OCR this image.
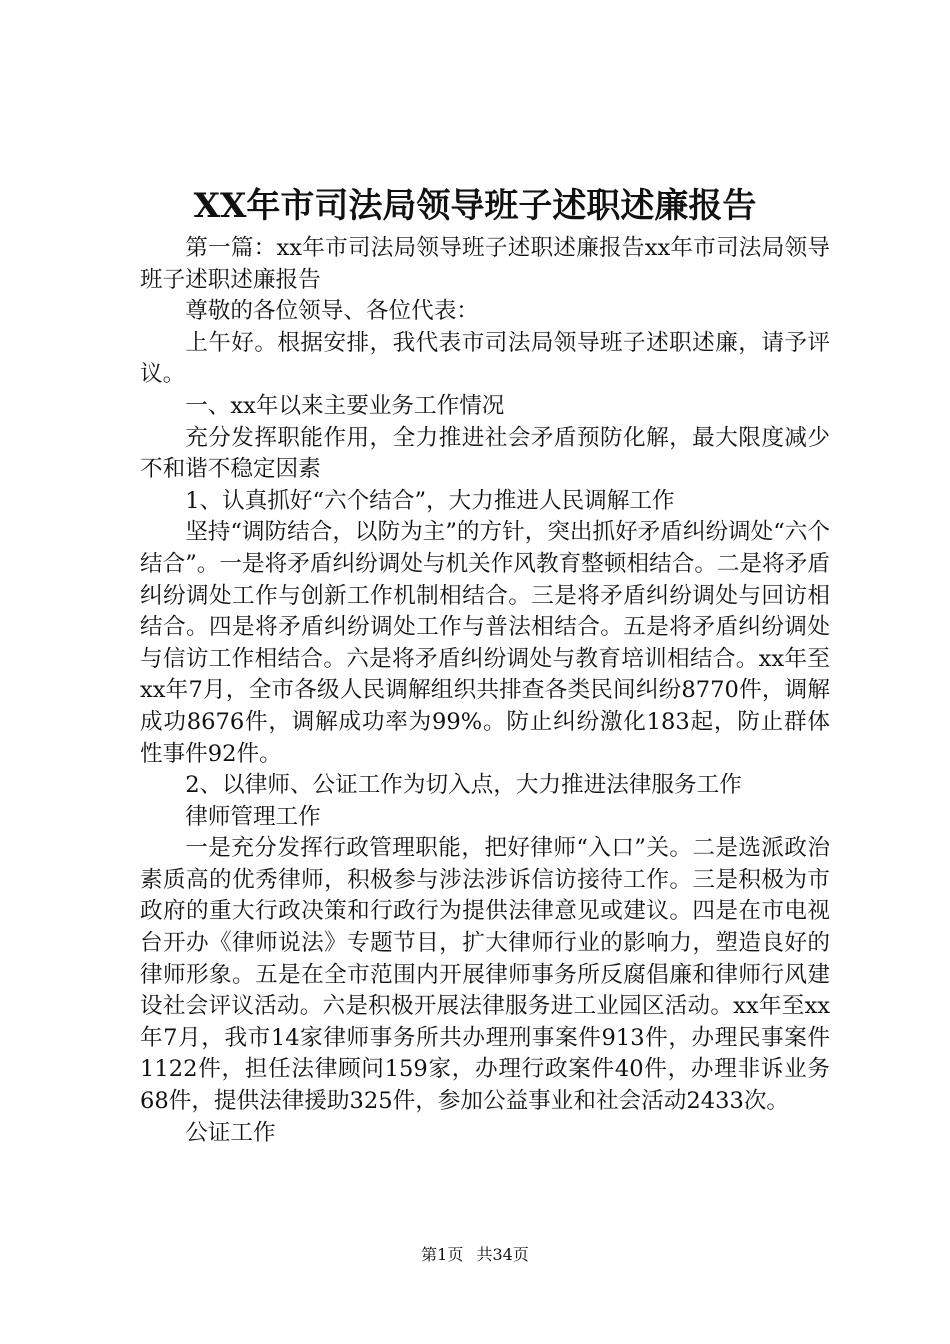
XX年市司法局领导班子述职述廉报告

第一篇：xx年市司法局领导班子述职述廉报告xx年市司法局领导班子述职述廉报告

尊敬的各位领导、各位代表：

上午好。根据安排，我代表市司法局领导班子述职述廉，请予评议。

一、xx年以来主要业务工作情况

充分发挥职能作用，全力推进社会矛盾预防化解，最大限度减少不和谐不稳定因素

1、认真抓好“六个结合”，大力推进人民调解工作

坚持“调防结合，以防为主”的方针，突出抓好矛盾纠纷调处“六个结合”。一是将矛盾纠纷调处与机关作风教育整顿相结合。二是将矛盾纠纷调处工作与创新工作机制相结合。三是将矛盾纠纷调处与回访相结合。四是将矛盾纠纷调处工作与普法相结合。五是将矛盾纠纷调处与信访工作相结合。六是将矛盾纠纷调处与教育培训相结合。xx年至xx年7月，全市各级人民调解组织共排查各类民间纠纷8770件，调解成功8676件，调解成功率为99%。防止纠纷激化183起，防止群体性事件92件。

2、以律师、公证工作为切入点，大力推进法律服务工作

律师管理工作

一是充分发挥行政管理职能，把好律师“入口”关。二是选派政治素质高的优秀律师，积极参与涉法涉诉信访接待工作。三是积极为市政府的重大行政决策和行政行为提供法律意见或建议。四是在市电视台开办《律师说法》专题节目，扩大律师行业的影响力，塑造良好的律师形象。五是在全市范围内开展律师事务所反腐倡廉和律师行风建设社会评议活动。六是积极开展法律服务进工业园区活动。xx年至xx年7月，我市14家律师事务所共办理刑事案件913件，办理民事案件1122件，担任法律顾问159家，办理行政案件40件，办理非诉业务68件，提供法律援助325件，参加公益事业和社会活动2433次。

公证工作

第1页 共34页
